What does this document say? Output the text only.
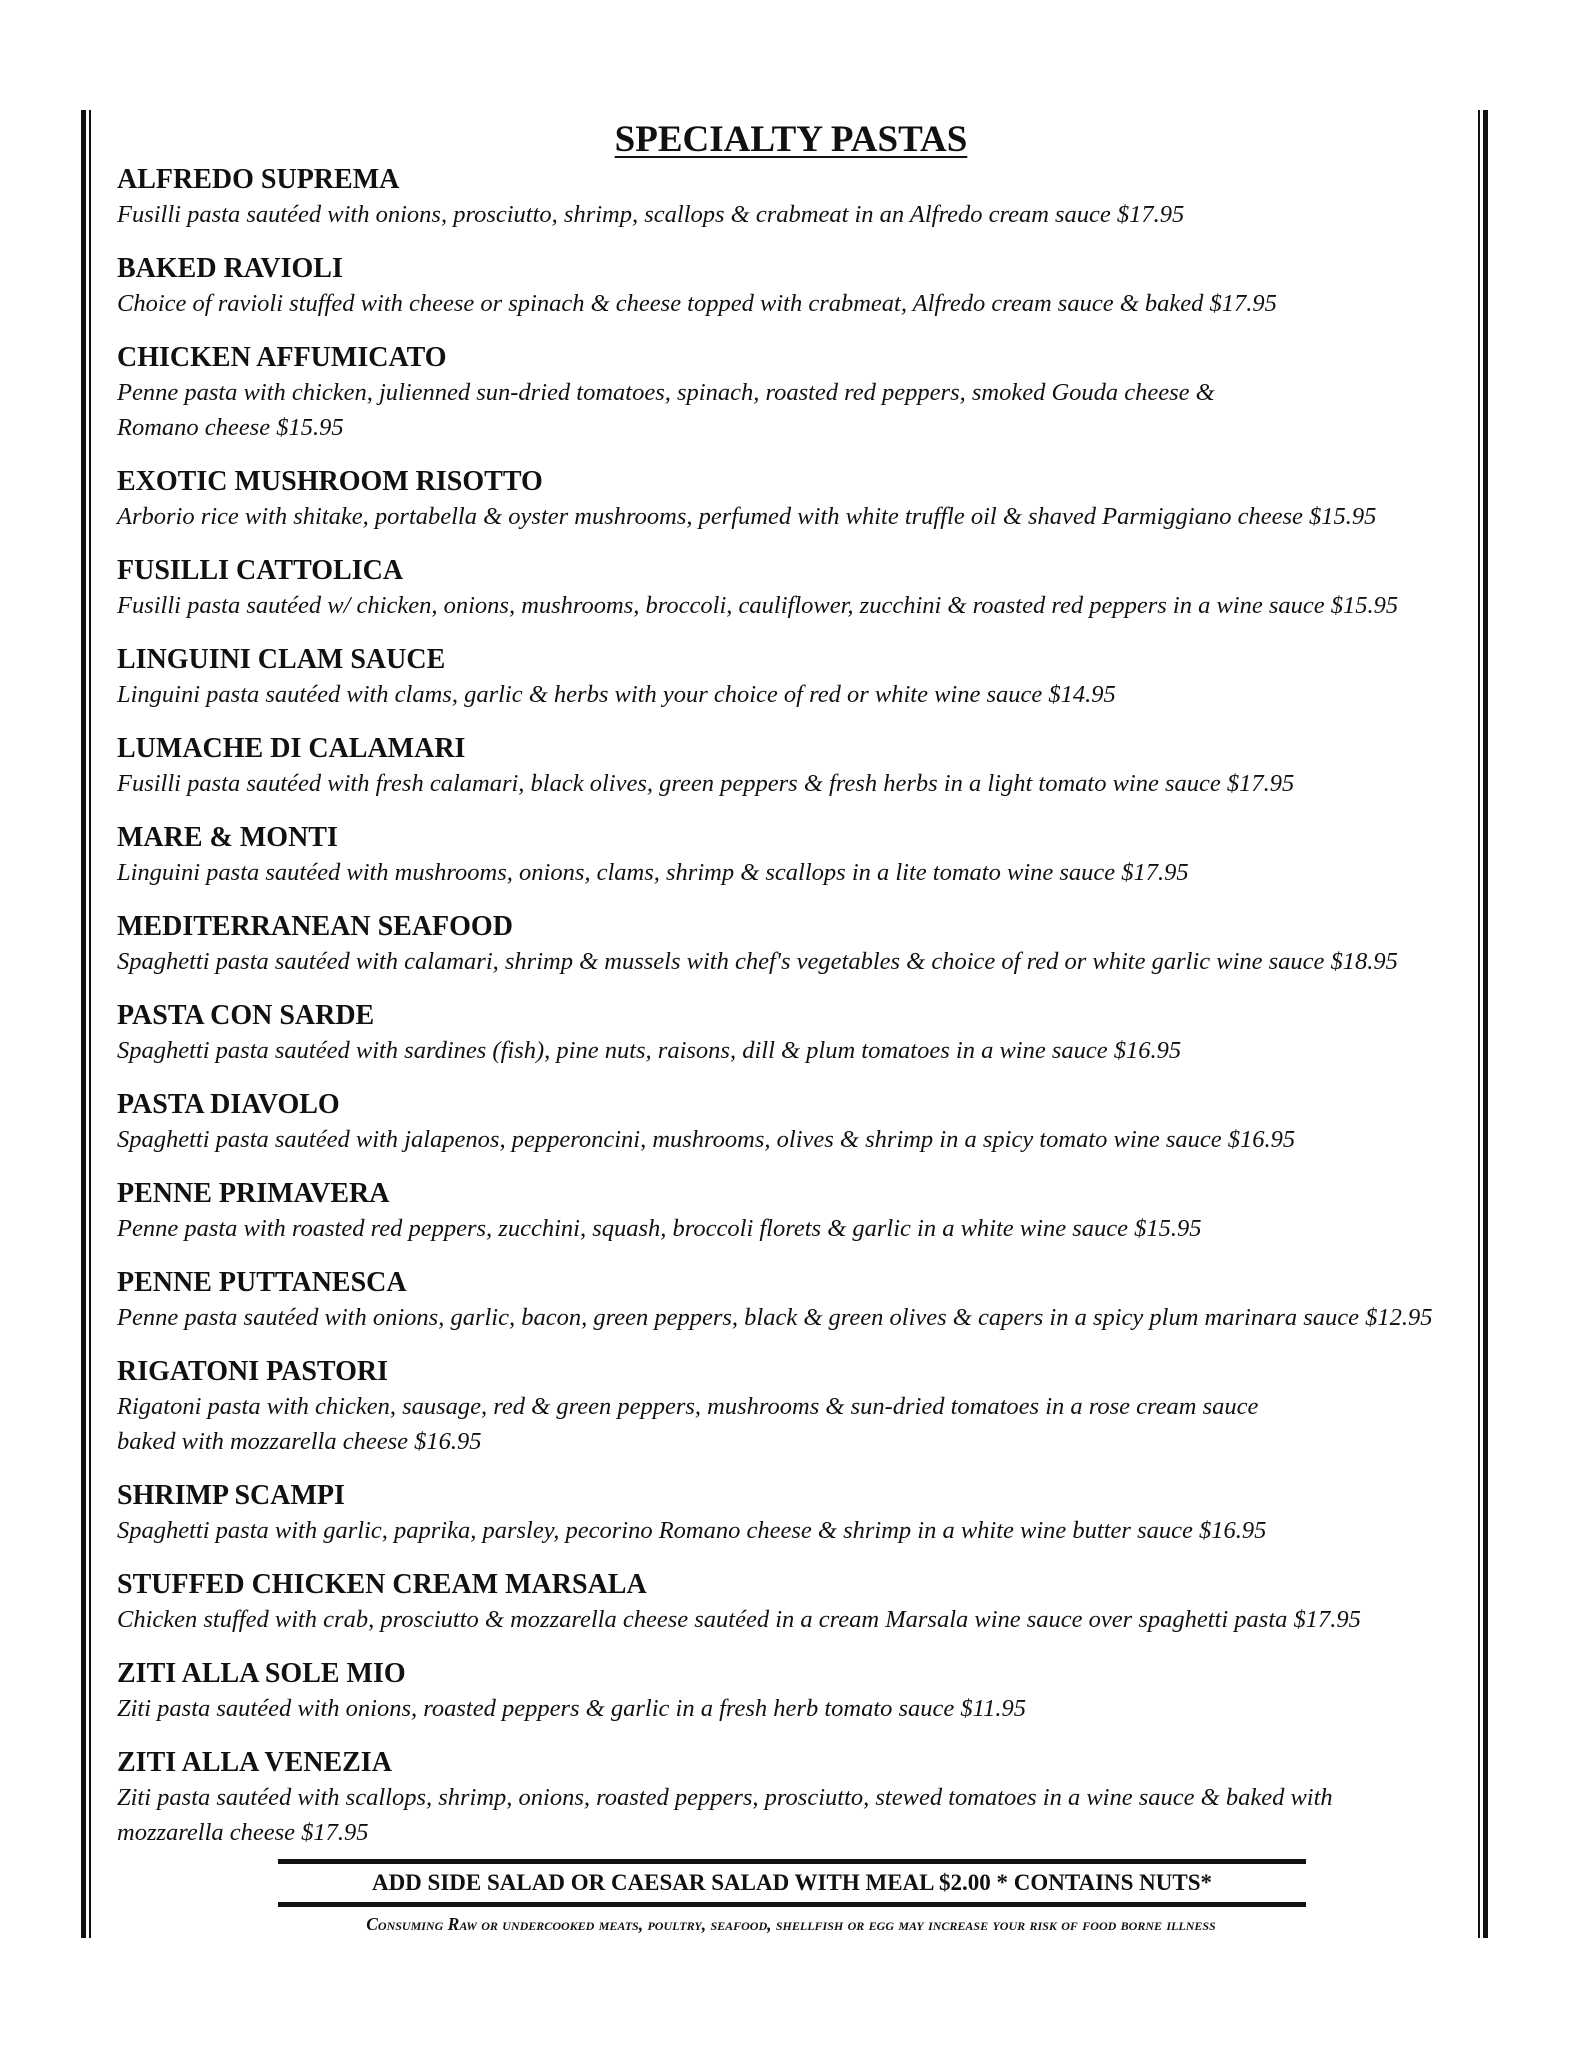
SPECIALTY PASTAS
ALFREDO SUPREMA
Fusilli pasta sautéed with onions, prosciutto, shrimp, scallops & crabmeat in an Alfredo cream sauce $17.95
BAKED RAVIOLI
Choice of ravioli stuffed with cheese or spinach & cheese topped with crabmeat, Alfredo cream sauce & baked $17.95
CHICKEN AFFUMICATO
Penne pasta with chicken, julienned sun-dried tomatoes, spinach, roasted red peppers, smoked Gouda cheese &
Romano cheese $15.95
EXOTIC MUSHROOM RISOTTO
Arborio rice with shitake, portabella & oyster mushrooms, perfumed with white truffle oil & shaved Parmiggiano cheese $15.95
FUSILLI CATTOLICA
Fusilli pasta sautéed w/ chicken, onions, mushrooms, broccoli, cauliflower, zucchini & roasted red peppers in a wine sauce $15.95
LINGUINI CLAM SAUCE
Linguini pasta sautéed with clams, garlic & herbs with your choice of red or white wine sauce $14.95
LUMACHE DI CALAMARI
Fusilli pasta sautéed with fresh calamari, black olives, green peppers & fresh herbs in a light tomato wine sauce $17.95
MARE & MONTI
Linguini pasta sautéed with mushrooms, onions, clams, shrimp & scallops in a lite tomato wine sauce $17.95
MEDITERRANEAN SEAFOOD
Spaghetti pasta sautéed with calamari, shrimp & mussels with chef's vegetables & choice of red or white garlic wine sauce $18.95
PASTA CON SARDE
Spaghetti pasta sautéed with sardines (fish), pine nuts, raisons, dill & plum tomatoes in a wine sauce $16.95
PASTA DIAVOLO
Spaghetti pasta sautéed with jalapenos, pepperoncini, mushrooms, olives & shrimp in a spicy tomato wine sauce $16.95
PENNE PRIMAVERA
Penne pasta with roasted red peppers, zucchini, squash, broccoli florets & garlic in a white wine sauce $15.95
PENNE PUTTANESCA
Penne pasta sautéed with onions, garlic, bacon, green peppers, black & green olives & capers in a spicy plum marinara sauce $12.95
RIGATONI PASTORI
Rigatoni pasta with chicken, sausage, red & green peppers, mushrooms & sun-dried tomatoes in a rose cream sauce
baked with mozzarella cheese $16.95
SHRIMP SCAMPI
Spaghetti pasta with garlic, paprika, parsley, pecorino Romano cheese & shrimp in a white wine butter sauce $16.95
STUFFED CHICKEN CREAM MARSALA
Chicken stuffed with crab, prosciutto & mozzarella cheese sautéed in a cream Marsala wine sauce over spaghetti pasta $17.95
ZITI ALLA SOLE MIO
Ziti pasta sautéed with onions, roasted peppers & garlic in a fresh herb tomato sauce $11.95
ZITI ALLA VENEZIA
Ziti pasta sautéed with scallops, shrimp, onions, roasted peppers, prosciutto, stewed tomatoes in a wine sauce & baked with
mozzarella cheese $17.95
ADD SIDE SALAD OR CAESAR SALAD WITH MEAL $2.00 * CONTAINS NUTS*
Consuming Raw or undercooked meats, poultry, seafood, shellfish or egg may increase your risk of food borne illness
